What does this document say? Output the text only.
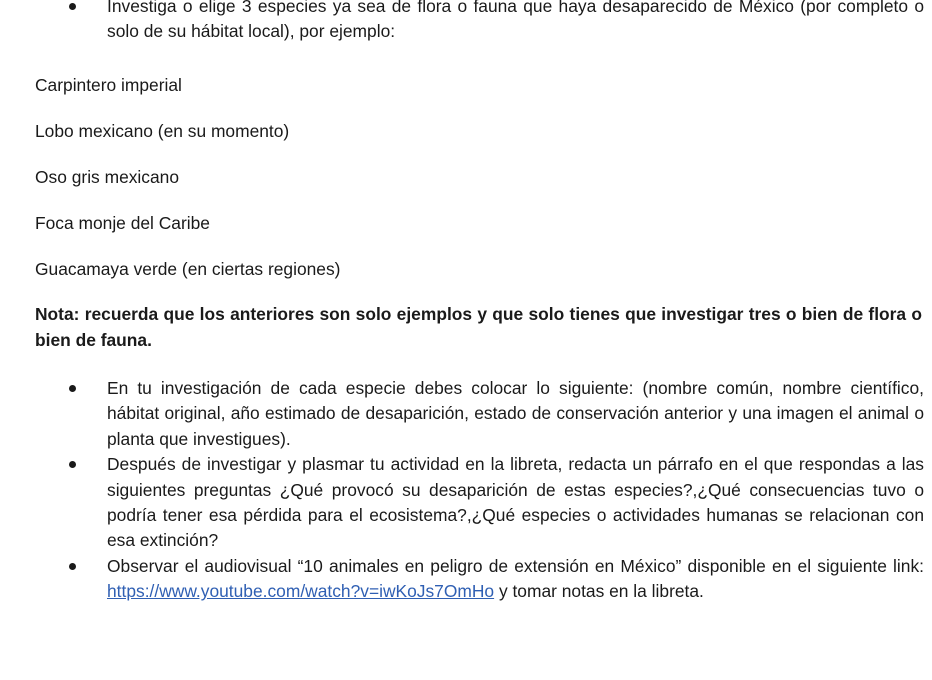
Investiga o elige 3 especies ya sea de flora o fauna que haya desaparecido de México (por completo o solo de su hábitat local), por ejemplo:
Carpintero imperial
Lobo mexicano (en su momento)
Oso gris mexicano
Foca monje del Caribe
Guacamaya verde (en ciertas regiones)
Nota: recuerda que los anteriores son solo ejemplos y que solo tienes que investigar tres o bien de flora o bien de fauna.
En tu investigación de cada especie debes colocar lo siguiente: (nombre común, nombre científico, hábitat original, año estimado de desaparición, estado de conservación anterior y una imagen el animal o planta que investigues).
Después de investigar y plasmar tu actividad en la libreta, redacta un párrafo en el que respondas a las siguientes preguntas ¿Qué provocó su desaparición de estas especies?,¿Qué consecuencias tuvo o podría tener esa pérdida para el ecosistema?,¿Qué especies o actividades humanas se relacionan con esa extinción?
Observar el audiovisual “10 animales en peligro de extensión en México” disponible en el siguiente link: https://www.youtube.com/watch?v=iwKoJs7OmHo y tomar notas en la libreta.
